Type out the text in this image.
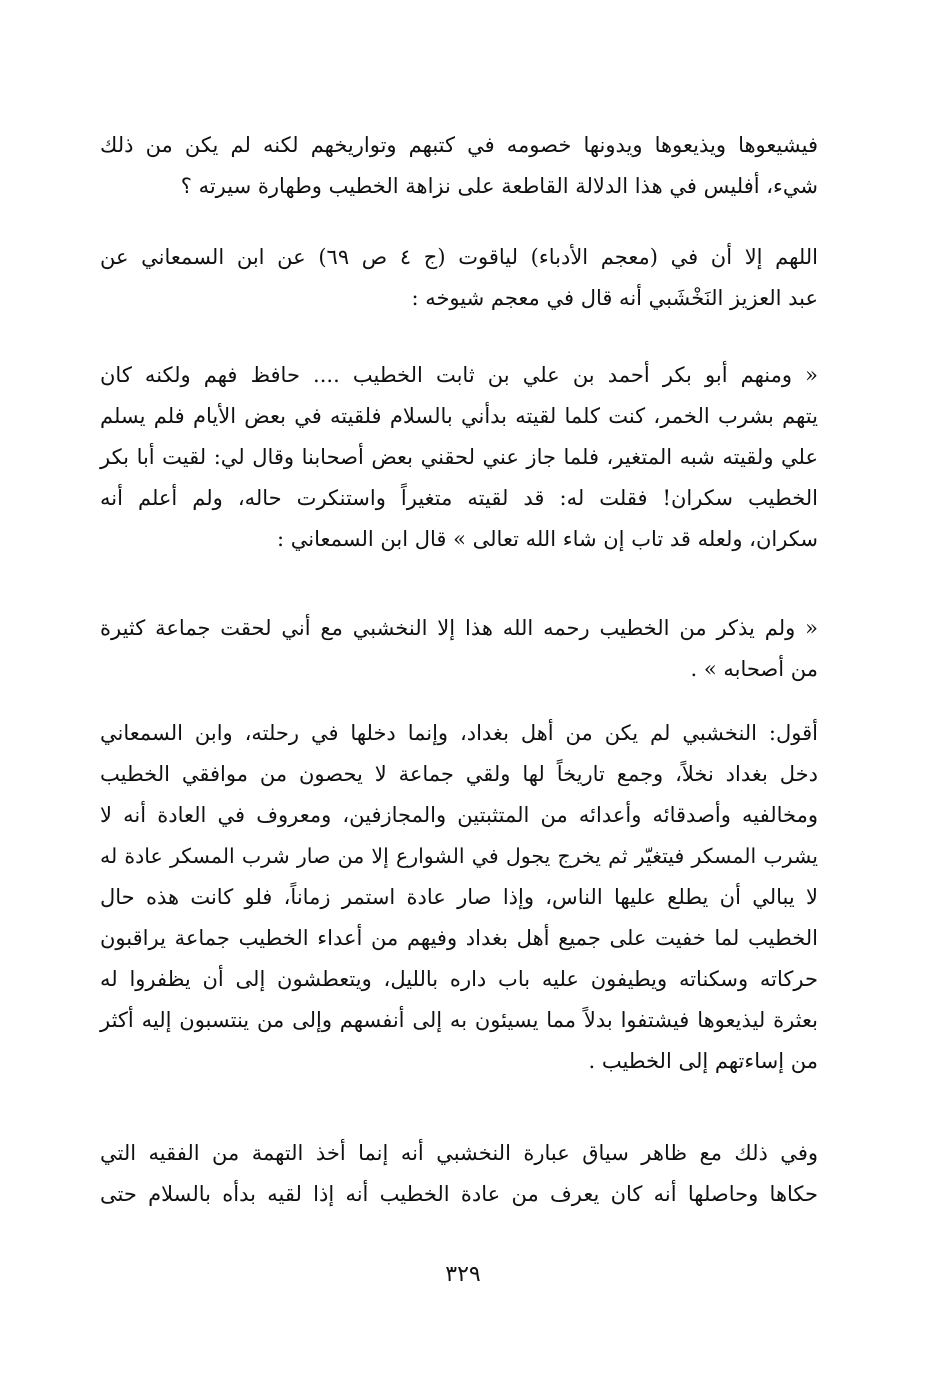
فيشيعوها ويذيعوها ويدونها خصومه في كتبهم وتواريخهم لكنه لم يكن من ذلك
شيء، أفليس في هذا الدلالة القاطعة على نزاهة الخطيب وطهارة سيرته ؟
اللهم إلا أن في (معجم الأدباء) لياقوت (ج ٤ ص ٦٩) عن ابن السمعاني عن
عبد العزيز النَخْشَبي أنه قال في معجم شيوخه :
« ومنهم أبو بكر أحمد بن علي بن ثابت الخطيب .... حافظ فهم ولكنه كان
يتهم بشرب الخمر، كنت كلما لقيته بدأني بالسلام فلقيته في بعض الأيام فلم يسلم
علي ولقيته شبه المتغير، فلما جاز عني لحقني بعض أصحابنا وقال لي: لقيت أبا بكر
الخطيب سكران! فقلت له: قد لقيته متغيراً واستنكرت حاله، ولم أعلم أنه
سكران، ولعله قد تاب إن شاء الله تعالى » قال ابن السمعاني :
« ولم يذكر من الخطيب رحمه الله هذا إلا النخشبي مع أني لحقت جماعة كثيرة
من أصحابه » .
أقول: النخشبي لم يكن من أهل بغداد، وإنما دخلها في رحلته، وابن السمعاني
دخل بغداد نخلاً، وجمع تاريخاً لها ولقي جماعة لا يحصون من موافقي الخطيب
ومخالفيه وأصدقائه وأعدائه من المتثبتين والمجازفين، ومعروف في العادة أنه لا
يشرب المسكر فيتغيّر ثم يخرج يجول في الشوارع إلا من صار شرب المسكر عادة له
لا يبالي أن يطلع عليها الناس، وإذا صار عادة استمر زماناً، فلو كانت هذه حال
الخطيب لما خفيت على جميع أهل بغداد وفيهم من أعداء الخطيب جماعة يراقبون
حركاته وسكناته ويطيفون عليه باب داره بالليل، ويتعطشون إلى أن يظفروا له
بعثرة ليذيعوها فيشتفوا بدلاً مما يسيئون به إلى أنفسهم وإلى من ينتسبون إليه أكثر
من إساءتهم إلى الخطيب .
وفي ذلك مع ظاهر سياق عبارة النخشبي أنه إنما أخذ التهمة من الفقيه التي
حكاها وحاصلها أنه كان يعرف من عادة الخطيب أنه إذا لقيه بدأه بالسلام حتى
٣٢٩
